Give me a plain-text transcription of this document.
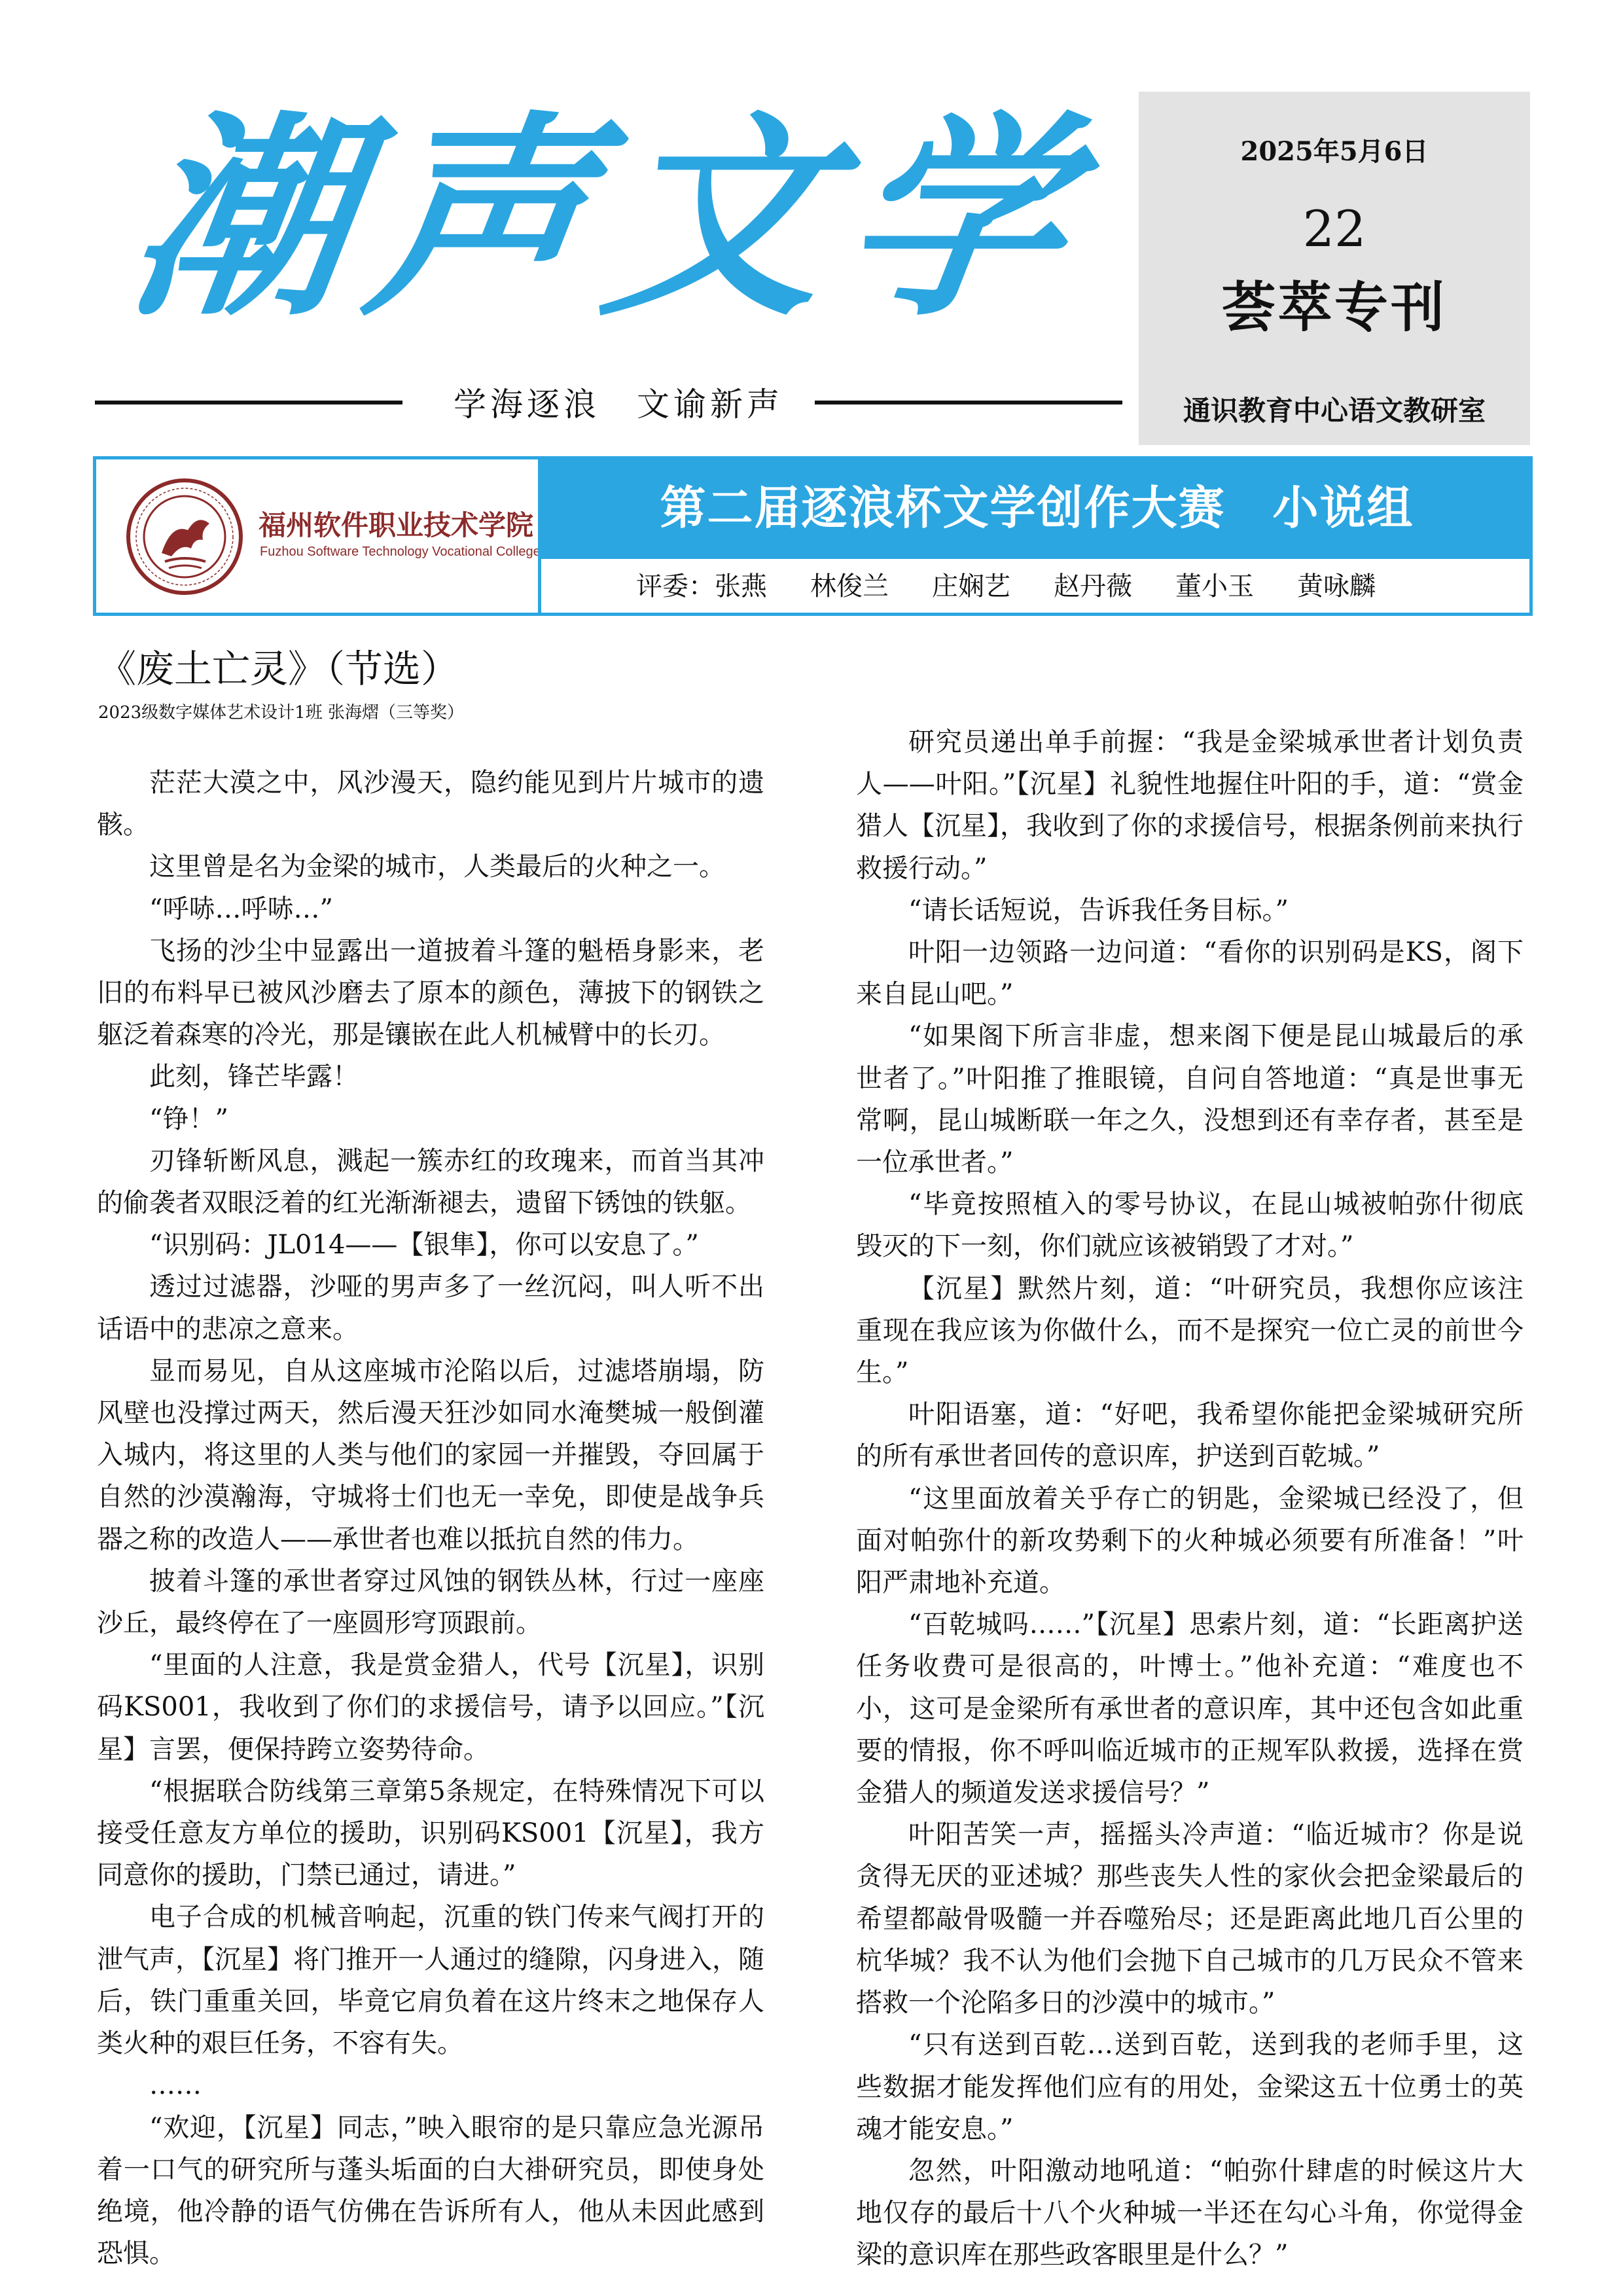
潮
声
文
学
学海逐浪　文谕新声
2025年5月6日
22
荟萃专刊
通识教育中心语文教研室
福州软件职业技术学院
Fuzhou Software Technology Vocational College
第二届逐浪杯文学创作大赛　小说组
评委：张燕 林俊兰 庄娴艺 赵丹薇 董小玉 黄咏麟
《废土亡灵》（节选）
2023级数字媒体艺术设计1班 张海熠（三等奖）

茫茫大漠之中，风沙漫天，隐约能见到片片城市的遗骸。

这里曾是名为金梁的城市，人类最后的火种之一。

“呼哧…呼哧…”

飞扬的沙尘中显露出一道披着斗篷的魁梧身影来，老旧的布料早已被风沙磨去了原本的颜色，薄披下的钢铁之躯泛着森寒的冷光，那是镶嵌在此人机械臂中的长刃。

此刻，锋芒毕露！

“铮！”

刃锋斩断风息，溅起一簇赤红的玫瑰来，而首当其冲的偷袭者双眼泛着的红光渐渐褪去，遗留下锈蚀的铁躯。

“识别码：JL014——【银隼】，你可以安息了。”

透过过滤器，沙哑的男声多了一丝沉闷，叫人听不出话语中的悲凉之意来。

显而易见，自从这座城市沦陷以后，过滤塔崩塌，防风壁也没撑过两天，然后漫天狂沙如同水淹樊城一般倒灌入城内，将这里的人类与他们的家园一并摧毁，夺回属于自然的沙漠瀚海，守城将士们也无一幸免，即使是战争兵器之称的改造人——承世者也难以抵抗自然的伟力。

披着斗篷的承世者穿过风蚀的钢铁丛林，行过一座座沙丘，最终停在了一座圆形穹顶跟前。

“里面的人注意，我是赏金猎人，代号【沉星】，识别码KS001，我收到了你们的求援信号，请予以回应。”【沉星】言罢，便保持跨立姿势待命。

“根据联合防线第三章第5条规定，在特殊情况下可以接受任意友方单位的援助，识别码KS001【沉星】，我方同意你的援助，门禁已通过，请进。”

电子合成的机械音响起，沉重的铁门传来气阀打开的泄气声，【沉星】将门推开一人通过的缝隙，闪身进入，随后，铁门重重关回，毕竟它肩负着在这片终末之地保存人类火种的艰巨任务，不容有失。

……

“欢迎，【沉星】同志，”映入眼帘的是只靠应急光源吊着一口气的研究所与蓬头垢面的白大褂研究员，即使身处绝境，他冷静的语气仿佛在告诉所有人，他从未因此感到恐惧。

研究员递出单手前握：“我是金梁城承世者计划负责人——叶阳。”【沉星】礼貌性地握住叶阳的手，道：“赏金猎人【沉星】，我收到了你的求援信号，根据条例前来执行救援行动。”

“请长话短说，告诉我任务目标。”

叶阳一边领路一边问道：“看你的识别码是KS，阁下来自昆山吧。”

“如果阁下所言非虚，想来阁下便是昆山城最后的承世者了。”叶阳推了推眼镜，自问自答地道：“真是世事无常啊，昆山城断联一年之久，没想到还有幸存者，甚至是一位承世者。”

“毕竟按照植入的零号协议，在昆山城被帕弥什彻底毁灭的下一刻，你们就应该被销毁了才对。”

【沉星】默然片刻，道：“叶研究员，我想你应该注重现在我应该为你做什么，而不是探究一位亡灵的前世今生。”

叶阳语塞，道：“好吧，我希望你能把金梁城研究所的所有承世者回传的意识库，护送到百乾城。”

“这里面放着关乎存亡的钥匙，金梁城已经没了，但面对帕弥什的新攻势剩下的火种城必须要有所准备！”叶阳严肃地补充道。

“百乾城吗……”【沉星】思索片刻，道：“长距离护送任务收费可是很高的，叶博士。”他补充道：“难度也不小，这可是金梁所有承世者的意识库，其中还包含如此重要的情报，你不呼叫临近城市的正规军队救援，选择在赏金猎人的频道发送求援信号？”

叶阳苦笑一声，摇摇头冷声道：“临近城市？你是说贪得无厌的亚述城？那些丧失人性的家伙会把金梁最后的希望都敲骨吸髓一并吞噬殆尽；还是距离此地几百公里的杭华城？我不认为他们会抛下自己城市的几万民众不管来搭救一个沦陷多日的沙漠中的城市。”

“只有送到百乾…送到百乾，送到我的老师手里，这些数据才能发挥他们应有的用处，金梁这五十位勇士的英魂才能安息。”

忽然，叶阳激动地吼道：“帕弥什肆虐的时候这片大地仅存的最后十八个火种城一半还在勾心斗角，你觉得金梁的意识库在那些政客眼里是什么？”
